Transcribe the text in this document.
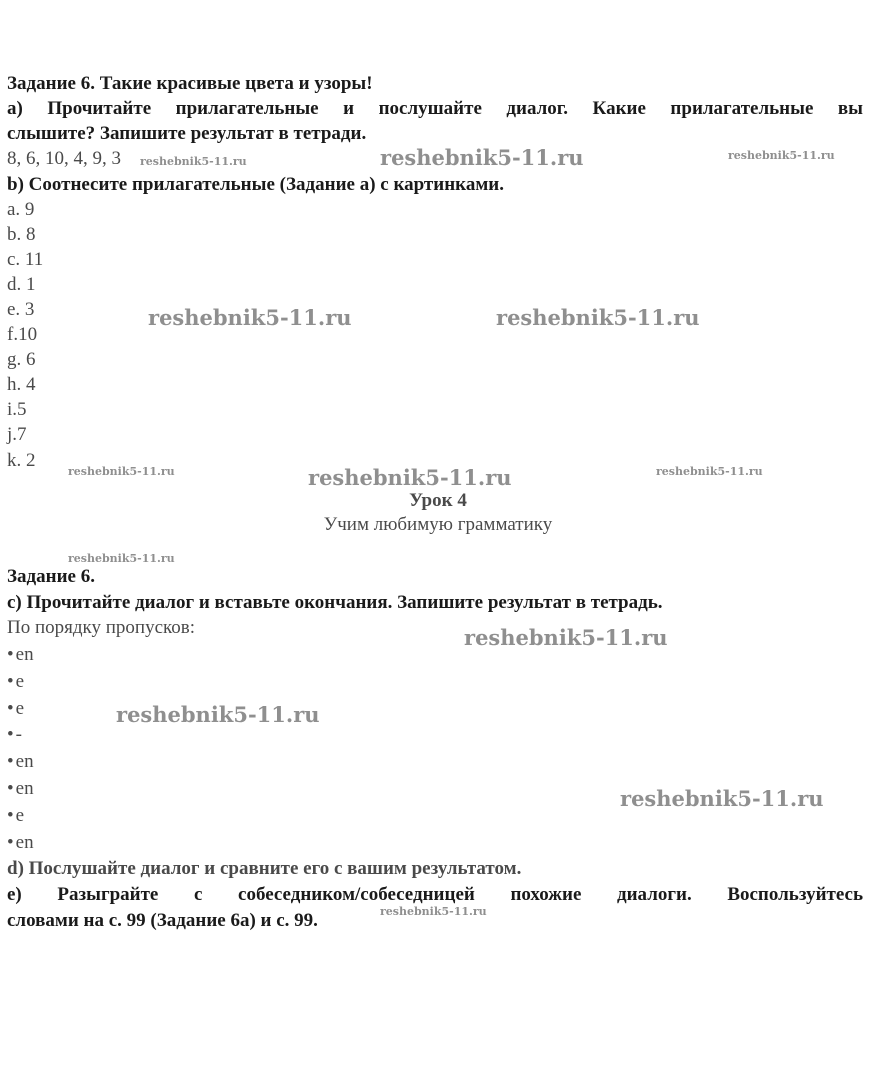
Задание 6. Такие красивые цвета и узоры!
а) Прочитайте прилагательные и послушайте диалог. Какие прилагательные вы
слышите? Запишите результат в тетради.
8, 6, 10, 4, 9, 3
b) Соотнесите прилагательные (Задание а) с картинками.
a. 9
b. 8
c. 11
d. 1
e. 3
f.10
g. 6
h. 4
i.5
j.7
k. 2
Урок 4
Учим любимую грамматику
Задание 6.
c) Прочитайте диалог и вставьте окончания. Запишите результат в тетрадь.
По порядку пропусков:
• en
• e
• e
• -
• en
• en
• e
• en
d) Послушайте диалог и сравните его с вашим результатом.
e) Разыграйте с собеседником/собеседницей похожие диалоги. Воспользуйтесь
словами на с. 99 (Задание 6а) и с. 99.
reshebnik5-11.ru	reshebnik5-11.ru	reshebnik5-11.ru
reshebnik5-11.ru	reshebnik5-11.ru
reshebnik5-11.ru	reshebnik5-11.ru	reshebnik5-11.ru
reshebnik5-11.ru
reshebnik5-11.ru
reshebnik5-11.ru
reshebnik5-11.ru
reshebnik5-11.ru
